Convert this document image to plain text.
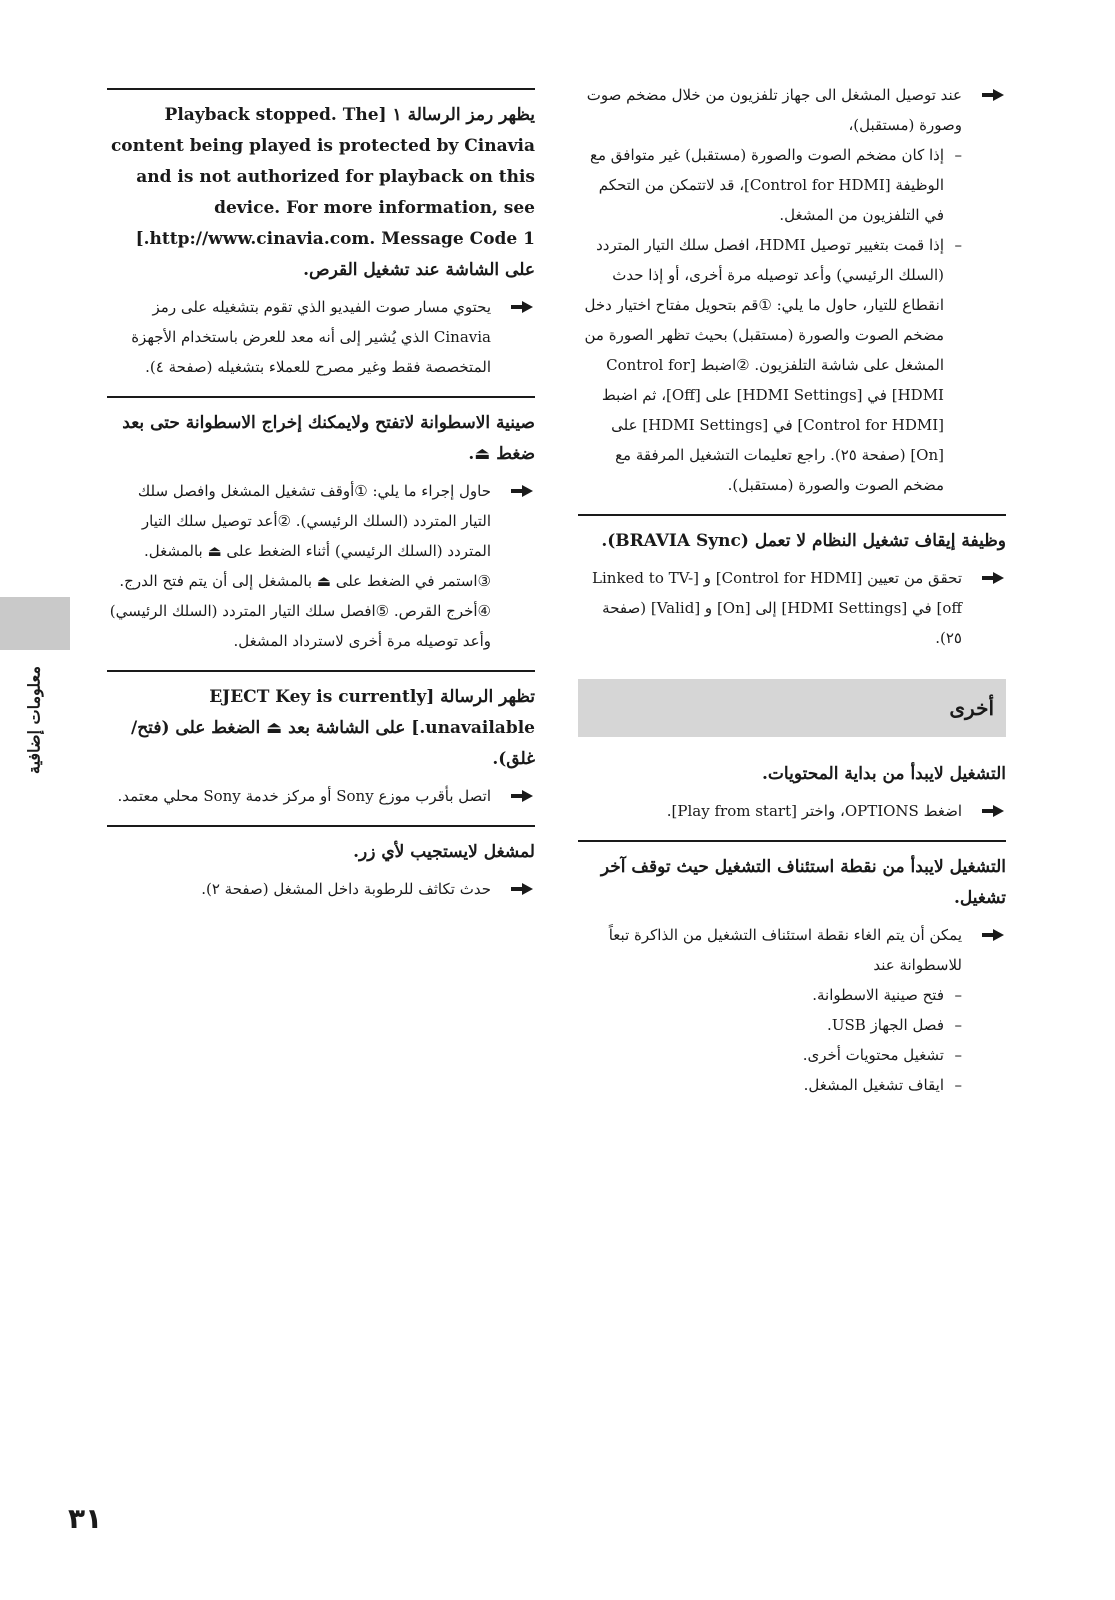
عند توصيل المشغل الى جهاز تلفزيون من خلال مضخم صوت وصورة (مستقبل)،
– إذا كان مضخم الصوت والصورة (مستقبل) غير متوافق مع الوظيفة [Control for HDMI]، قد لاتتمكن من التحكم في التلفزيون من المشغل.
– إذا قمت بتغيير توصيل HDMI، افصل سلك التيار المتردد (السلك الرئيسي) وأعد توصيله مرة أخرى، أو إذا حدث انقطاع للتيار، حاول ما يلي: ①قم بتحويل مفتاح اختيار دخل مضخم الصوت والصورة (مستقبل) بحيث تظهر الصورة من المشغل على شاشة التلفزيون. ②اضبط [Control for HDMI] في [HDMI Settings] على [Off]، ثم اضبط [Control for HDMI] في [HDMI Settings] على [On] (صفحة ٢٥). راجع تعليمات التشغيل المرفقة مع مضخم الصوت والصورة (مستقبل).
وظيفة إيقاف تشغيل النظام لا تعمل (BRAVIA Sync).
تحقق من تعيين [Control for HDMI] و [Linked to TV-off] في [HDMI Settings] إلى [On] و [Valid] (صفحة ٢٥).
أخرى
التشغيل لايبدأ من بداية المحتويات.
اضغط OPTIONS، واختر [Play from start].
التشغيل لايبدأ من نقطة استئناف التشغيل حيث توقف آخر تشغيل.
يمكن أن يتم الغاء نقطة استئناف التشغيل من الذاكرة تبعاً للاسطوانة عند
– فتح صينية الاسطوانة.
– فصل الجهاز USB.
– تشغيل محتويات أخرى.
– ايقاف تشغيل المشغل.
يظهر رمز الرسالة ١ [Playback stopped. The content being played is protected by Cinavia and is not authorized for playback on this device. For more information, see http://www.cinavia.com. Message Code 1.] على الشاشة عند تشغيل القرص.
يحتوي مسار صوت الفيديو الذي تقوم بتشغيله على رمز Cinavia الذي يُشير إلى أنه معد للعرض باستخدام الأجهزة المتخصصة فقط وغير مصرح للعملاء بتشغيله (صفحة ٤).
صينية الاسطوانة لاتفتح ولايمكنك إخراج الاسطوانة حتى بعد ضغط ⏏.
حاول إجراء ما يلي: ①أوقف تشغيل المشغل وافصل سلك التيار المتردد (السلك الرئيسي). ②أعد توصيل سلك التيار المتردد (السلك الرئيسي) أثناء الضغط على ⏏ بالمشغل. ③استمر في الضغط على ⏏ بالمشغل إلى أن يتم فتح الدرج. ④أخرج القرص. ⑤افصل سلك التيار المتردد (السلك الرئيسي) وأعد توصيله مرة أخرى لاسترداد المشغل.
تظهر الرسالة [EJECT Key is currently unavailable.] على الشاشة بعد ⏏ الضغط على (فتح/غلق).
اتصل بأقرب موزع Sony أو مركز خدمة Sony محلي معتمد.
لمشغل لايستجيب لأي زر.
حدث تكاثف للرطوبة داخل المشغل (صفحة ٢).
معلومات إضافية
٣١
